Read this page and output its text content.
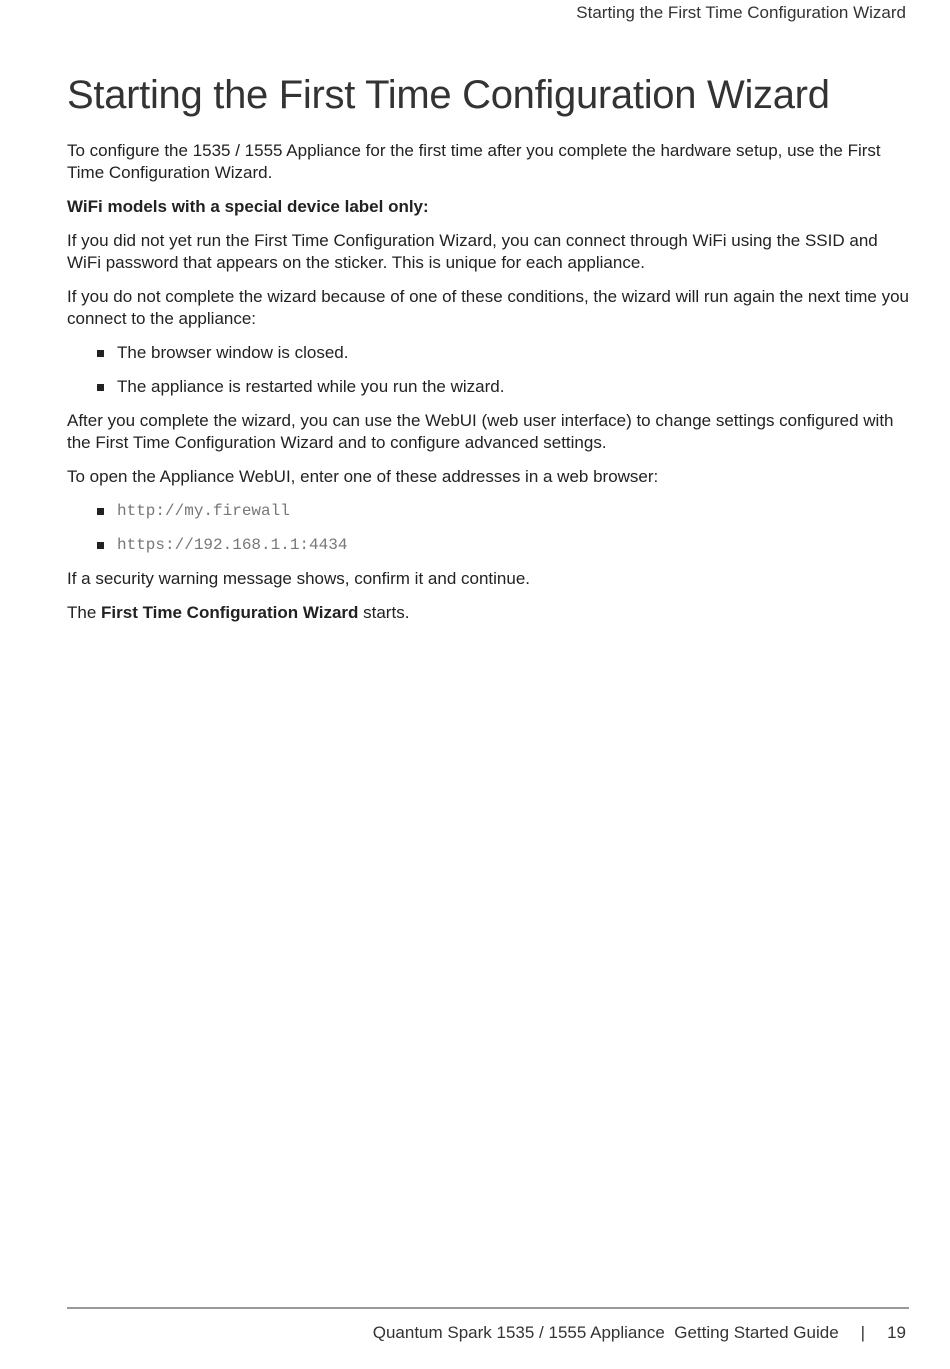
Starting the First Time Configuration Wizard
Starting the First Time Configuration Wizard

To configure the 1535 / 1555 Appliance for the first time after you complete the hardware setup, use the First Time Configuration Wizard.

WiFi models with a special device label only:

If you did not yet run the First Time Configuration Wizard, you can connect through WiFi using the SSID and WiFi password that appears on the sticker. This is unique for each appliance.

If you do not complete the wizard because of one of these conditions, the wizard will run again the next time you connect to the appliance:

The browser window is closed.
The appliance is restarted while you run the wizard.

After you complete the wizard, you can use the WebUI (web user interface) to change settings configured with the First Time Configuration Wizard and to configure advanced settings.

To open the Appliance WebUI, enter one of these addresses in a web browser:

http://my.firewall
https://192.168.1.1:4434

If a security warning message shows, confirm it and continue.

The First Time Configuration Wizard starts.

Quantum Spark 1535 / 1555 Appliance  Getting Started Guide | 19
